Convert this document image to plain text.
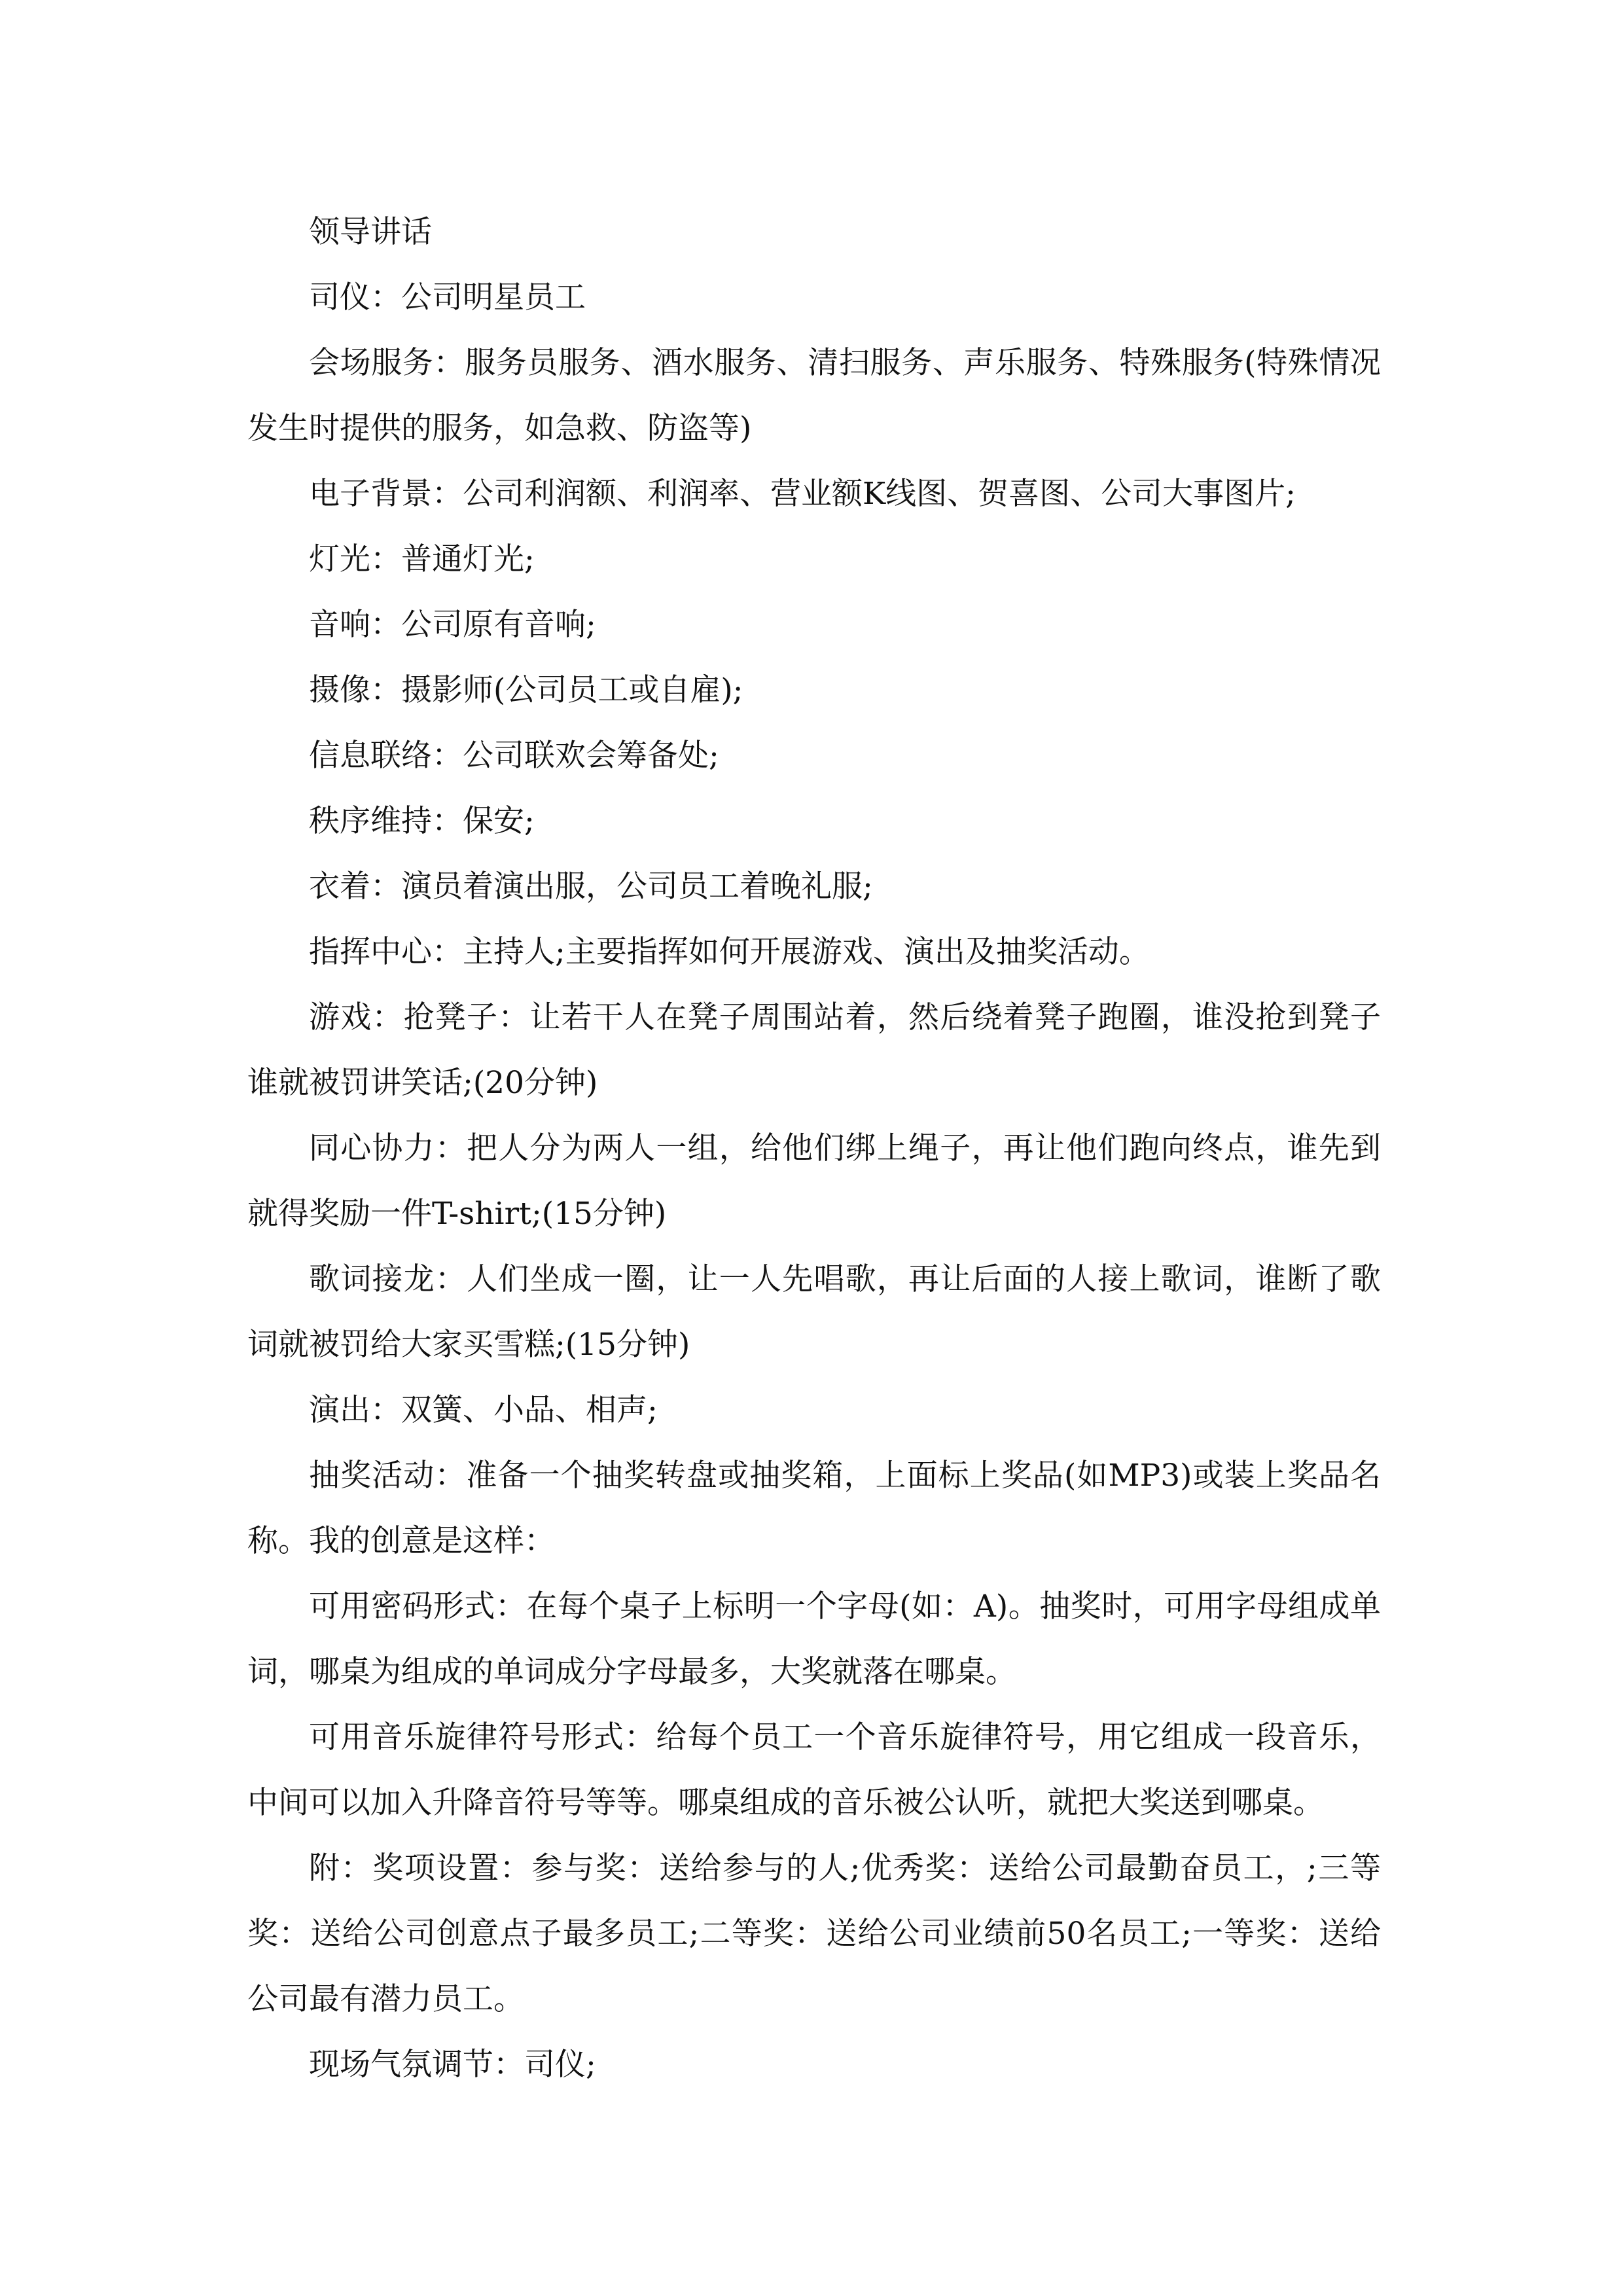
领导讲话

司仪：公司明星员工

会场服务：服务员服务、酒水服务、清扫服务、声乐服务、特殊服务(特殊情况发生时提供的服务，如急救、防盗等)

电子背景：公司利润额、利润率、营业额K线图、贺喜图、公司大事图片;

灯光：普通灯光;

音响：公司原有音响;

摄像：摄影师(公司员工或自雇);

信息联络：公司联欢会筹备处;

秩序维持：保安;

衣着：演员着演出服，公司员工着晚礼服;

指挥中心：主持人;主要指挥如何开展游戏、演出及抽奖活动。

游戏：抢凳子：让若干人在凳子周围站着，然后绕着凳子跑圈，谁没抢到凳子谁就被罚讲笑话;(20分钟)

同心协力：把人分为两人一组，给他们绑上绳子，再让他们跑向终点，谁先到就得奖励一件T-shirt;(15分钟)

歌词接龙：人们坐成一圈，让一人先唱歌，再让后面的人接上歌词，谁断了歌词就被罚给大家买雪糕;(15分钟)

演出：双簧、小品、相声;

抽奖活动：准备一个抽奖转盘或抽奖箱，上面标上奖品(如MP3)或装上奖品名称。我的创意是这样：

可用密码形式：在每个桌子上标明一个字母(如：A)。抽奖时，可用字母组成单词，哪桌为组成的单词成分字母最多，大奖就落在哪桌。

可用音乐旋律符号形式：给每个员工一个音乐旋律符号，用它组成一段音乐，中间可以加入升降音符号等等。哪桌组成的音乐被公认听，就把大奖送到哪桌。

附：奖项设置：参与奖：送给参与的人;优秀奖：送给公司最勤奋员工，;三等奖：送给公司创意点子最多员工;二等奖：送给公司业绩前50名员工;一等奖：送给公司最有潜力员工。

现场气氛调节：司仪;
